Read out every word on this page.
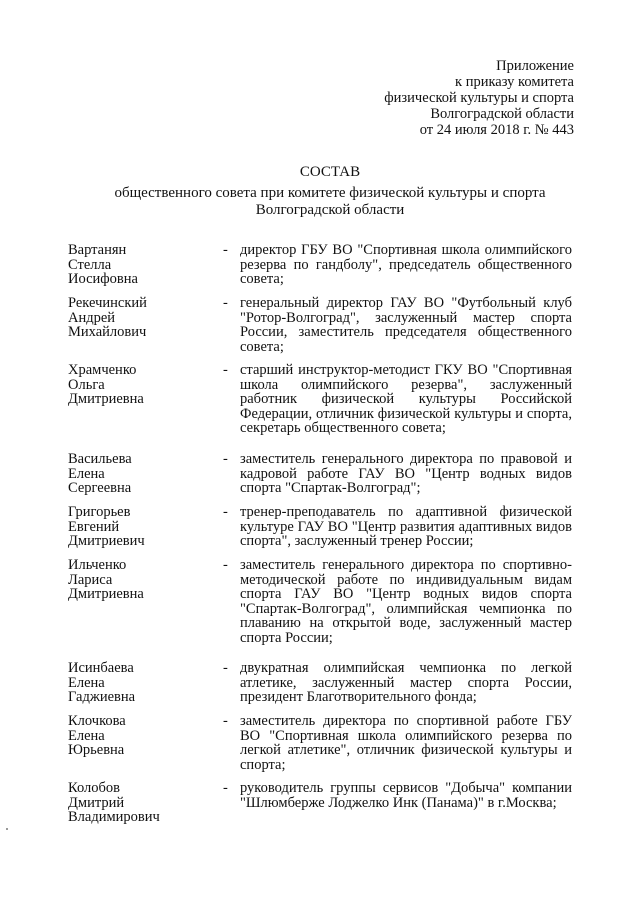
Приложение
к приказу комитета
физической культуры и спорта
Волгоградской области
от 24 июля 2018 г. № 443
СОСТАВ
общественного совета при комитете физической культуры и спорта
Волгоградской области
Вартанян
Стелла
Иосифовна
- директор ГБУ ВО "Спортивная школа олимпийского резерва по гандболу", председатель общественного совета;
Рекечинский
Андрей
Михайлович
- генеральный директор ГАУ ВО "Футбольный клуб "Ротор-Волгоград", заслуженный мастер спорта России, заместитель председателя общественного совета;
Храмченко
Ольга
Дмитриевна
- старший инструктор-методист ГКУ ВО "Спортивная школа олимпийского резерва", заслуженный работник физической культуры Российской Федерации, отличник физической культуры и спорта, секретарь общественного совета;
Васильева
Елена
Сергеевна
- заместитель генерального директора по правовой и кадровой работе ГАУ ВО "Центр водных видов спорта "Спартак-Волгоград";
Григорьев
Евгений
Дмитриевич
- тренер-преподаватель по адаптивной физической культуре ГАУ ВО "Центр развития адаптивных видов спорта", заслуженный тренер России;
Ильченко
Лариса
Дмитриевна
- заместитель генерального директора по спортивно-методической работе по индивидуальным видам спорта ГАУ ВО "Центр водных видов спорта "Спартак-Волгоград", олимпийская чемпионка по плаванию на открытой воде, заслуженный мастер спорта России;
Исинбаева
Елена
Гаджиевна
- двукратная олимпийская чемпионка по легкой атлетике, заслуженный мастер спорта России, президент Благотворительного фонда;
Клочкова
Елена
Юрьевна
- заместитель директора по спортивной работе ГБУ ВО "Спортивная школа олимпийского резерва по легкой атлетике", отличник физической культуры и спорта;
Колобов
Дмитрий
Владимирович
- руководитель группы сервисов "Добыча" компании "Шлюмберже Лоджелко Инк (Панама)" в г.Москва;
